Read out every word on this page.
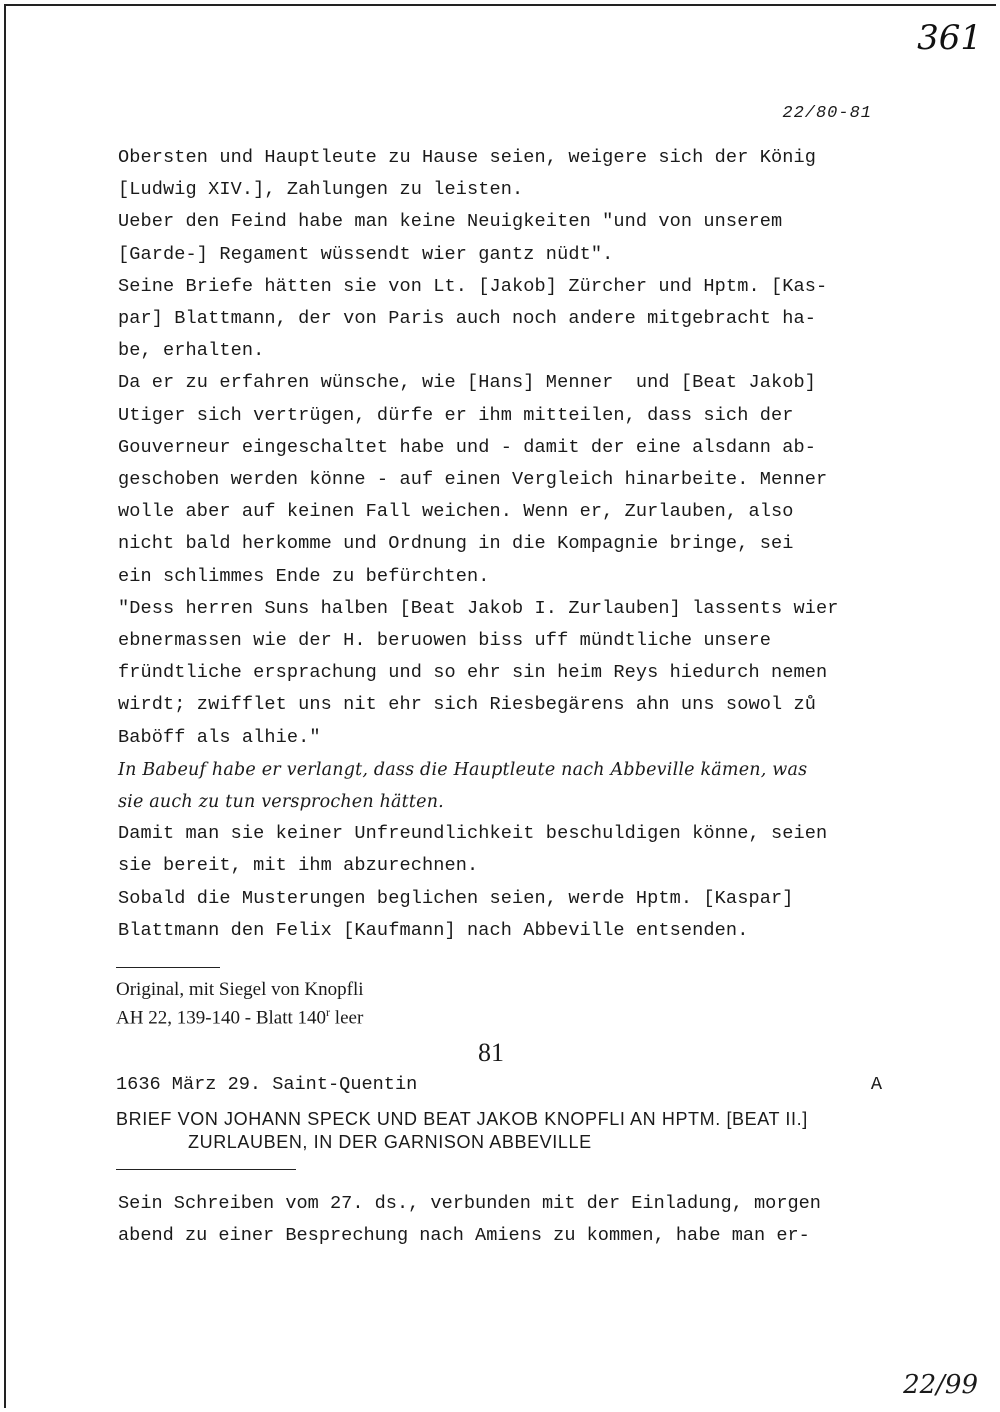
361
22/80-81

Obersten und Hauptleute zu Hause seien, weigere sich der König

[Ludwig XIV.], Zahlungen zu leisten.

Ueber den Feind habe man keine Neuigkeiten "und von unserem

[Garde-] Regament wüssendt wier gantz nüdt".

Seine Briefe hätten sie von Lt. [Jakob] Zürcher und Hptm. [Kas-

par] Blattmann, der von Paris auch noch andere mitgebracht ha-

be, erhalten.

Da er zu erfahren wünsche, wie [Hans] Menner  und [Beat Jakob]

Utiger sich vertrügen, dürfe er ihm mitteilen, dass sich der

Gouverneur eingeschaltet habe und - damit der eine alsdann ab-

geschoben werden könne - auf einen Vergleich hinarbeite. Menner

wolle aber auf keinen Fall weichen. Wenn er, Zurlauben, also

nicht bald herkomme und Ordnung in die Kompagnie bringe, sei

ein schlimmes Ende zu befürchten.

"Dess herren Suns halben [Beat Jakob I. Zurlauben] lassents wier

ebnermassen wie der H. beruowen biss uff mündtliche unsere

fründtliche ersprachung und so ehr sin heim Reys hiedurch nemen

wirdt; zwifflet uns nit ehr sich Riesbegärens ahn uns sowol zů

Baböff als alhie."

In Babeuf habe er verlangt, dass die Hauptleute nach Abbeville kämen, was

sie auch zu tun versprochen hätten.

Damit man sie keiner Unfreundlichkeit beschuldigen könne, seien

sie bereit, mit ihm abzurechnen.

Sobald die Musterungen beglichen seien, werde Hptm. [Kaspar]

Blattmann den Felix [Kaufmann] nach Abbeville entsenden.

Original, mit Siegel von Knopfli

AH 22, 139-140 - Blatt 140$^r$ leer

81
1636 März 29. Saint-Quentin	A

BRIEF VON JOHANN SPECK UND BEAT JAKOB KNOPFLI AN HPTM. [BEAT II.]

ZURLAUBEN, IN DER GARNISON ABBEVILLE

Sein Schreiben vom 27. ds., verbunden mit der Einladung, morgen

abend zu einer Besprechung nach Amiens zu kommen, habe man er-

22/99
